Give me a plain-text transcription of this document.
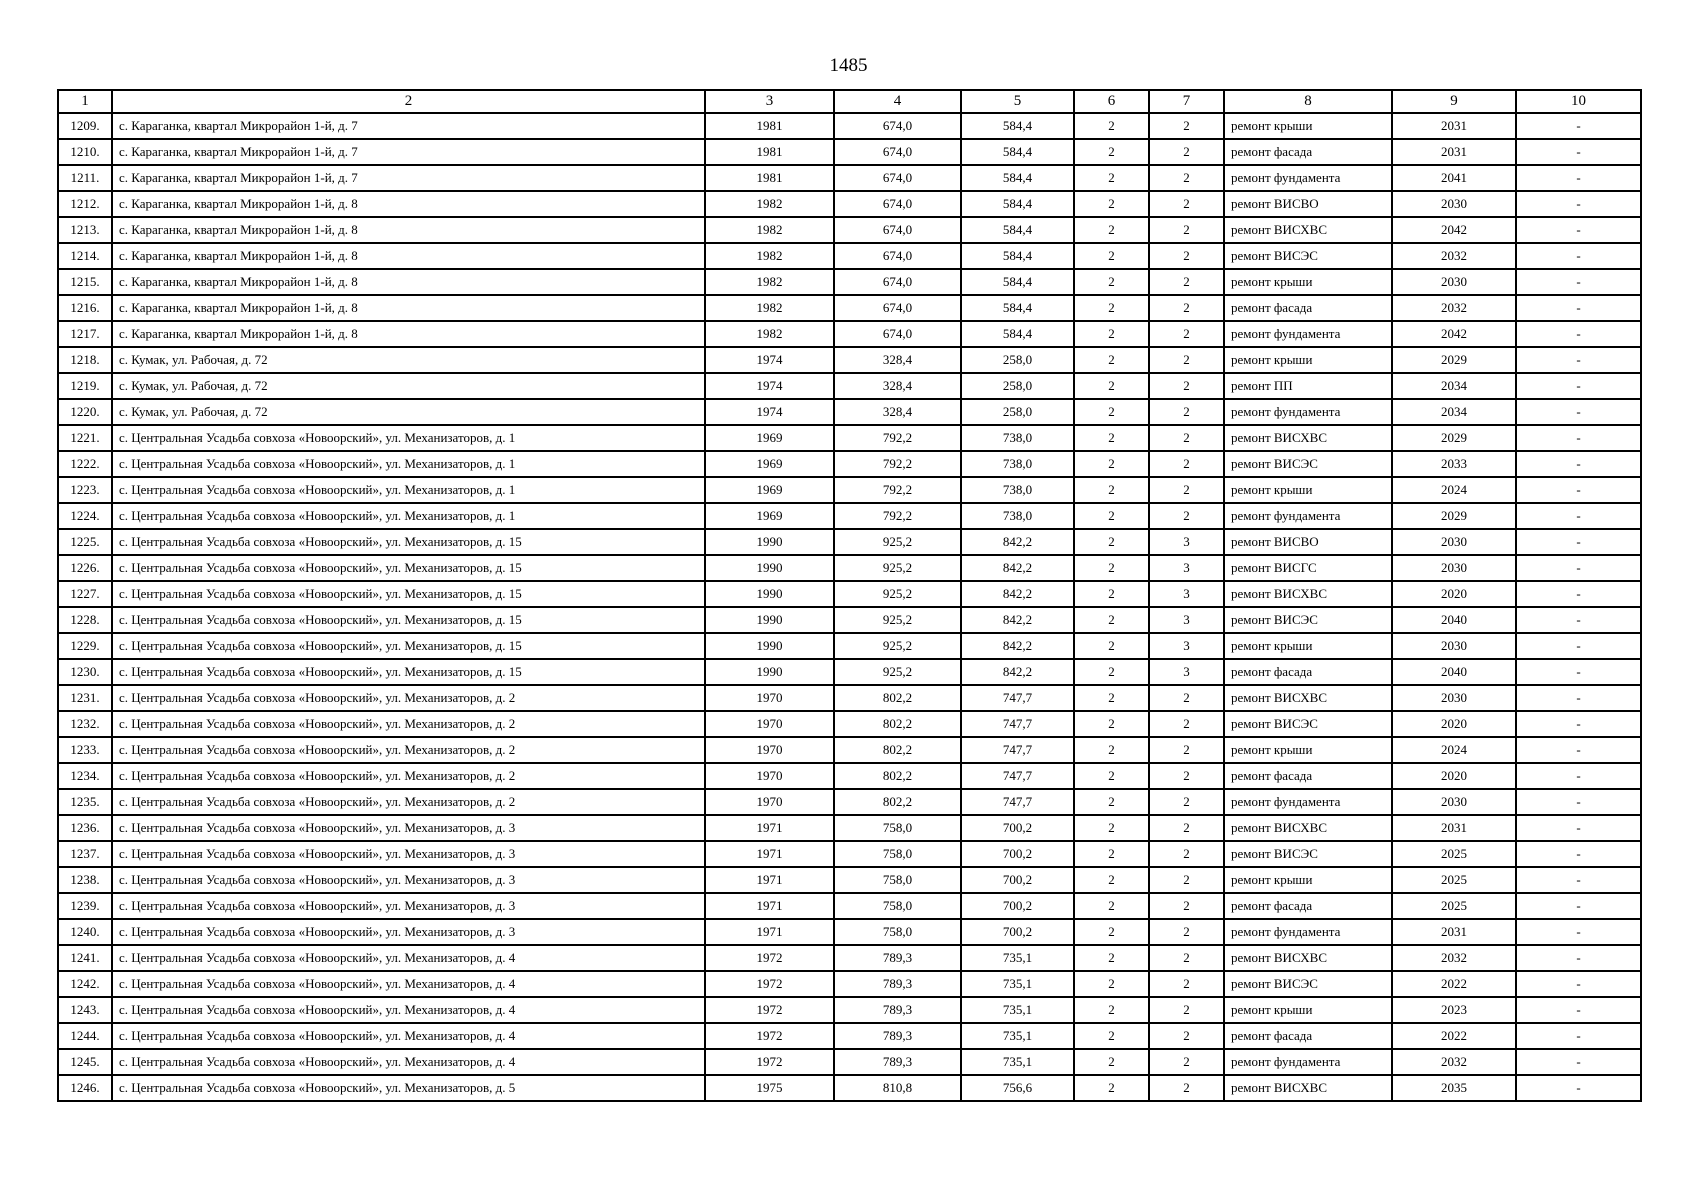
1485
1	2	3	4	5	6	7	8	9	10
1209.	с. Караганка, квартал Микрорайон 1-й, д. 7	1981	674,0	584,4	2	2	ремонт крыши	2031	-
1210.	с. Караганка, квартал Микрорайон 1-й, д. 7	1981	674,0	584,4	2	2	ремонт фасада	2031	-
1211.	с. Караганка, квартал Микрорайон 1-й, д. 7	1981	674,0	584,4	2	2	ремонт фундамента	2041	-
1212.	с. Караганка, квартал Микрорайон 1-й, д. 8	1982	674,0	584,4	2	2	ремонт ВИСВО	2030	-
1213.	с. Караганка, квартал Микрорайон 1-й, д. 8	1982	674,0	584,4	2	2	ремонт ВИСХВС	2042	-
1214.	с. Караганка, квартал Микрорайон 1-й, д. 8	1982	674,0	584,4	2	2	ремонт ВИСЭС	2032	-
1215.	с. Караганка, квартал Микрорайон 1-й, д. 8	1982	674,0	584,4	2	2	ремонт крыши	2030	-
1216.	с. Караганка, квартал Микрорайон 1-й, д. 8	1982	674,0	584,4	2	2	ремонт фасада	2032	-
1217.	с. Караганка, квартал Микрорайон 1-й, д. 8	1982	674,0	584,4	2	2	ремонт фундамента	2042	-
1218.	с. Кумак, ул. Рабочая, д. 72	1974	328,4	258,0	2	2	ремонт крыши	2029	-
1219.	с. Кумак, ул. Рабочая, д. 72	1974	328,4	258,0	2	2	ремонт ПП	2034	-
1220.	с. Кумак, ул. Рабочая, д. 72	1974	328,4	258,0	2	2	ремонт фундамента	2034	-
1221.	с. Центральная Усадьба совхоза «Новоорский», ул. Механизаторов, д. 1	1969	792,2	738,0	2	2	ремонт ВИСХВС	2029	-
1222.	с. Центральная Усадьба совхоза «Новоорский», ул. Механизаторов, д. 1	1969	792,2	738,0	2	2	ремонт ВИСЭС	2033	-
1223.	с. Центральная Усадьба совхоза «Новоорский», ул. Механизаторов, д. 1	1969	792,2	738,0	2	2	ремонт крыши	2024	-
1224.	с. Центральная Усадьба совхоза «Новоорский», ул. Механизаторов, д. 1	1969	792,2	738,0	2	2	ремонт фундамента	2029	-
1225.	с. Центральная Усадьба совхоза «Новоорский», ул. Механизаторов, д. 15	1990	925,2	842,2	2	3	ремонт ВИСВО	2030	-
1226.	с. Центральная Усадьба совхоза «Новоорский», ул. Механизаторов, д. 15	1990	925,2	842,2	2	3	ремонт ВИСГС	2030	-
1227.	с. Центральная Усадьба совхоза «Новоорский», ул. Механизаторов, д. 15	1990	925,2	842,2	2	3	ремонт ВИСХВС	2020	-
1228.	с. Центральная Усадьба совхоза «Новоорский», ул. Механизаторов, д. 15	1990	925,2	842,2	2	3	ремонт ВИСЭС	2040	-
1229.	с. Центральная Усадьба совхоза «Новоорский», ул. Механизаторов, д. 15	1990	925,2	842,2	2	3	ремонт крыши	2030	-
1230.	с. Центральная Усадьба совхоза «Новоорский», ул. Механизаторов, д. 15	1990	925,2	842,2	2	3	ремонт фасада	2040	-
1231.	с. Центральная Усадьба совхоза «Новоорский», ул. Механизаторов, д. 2	1970	802,2	747,7	2	2	ремонт ВИСХВС	2030	-
1232.	с. Центральная Усадьба совхоза «Новоорский», ул. Механизаторов, д. 2	1970	802,2	747,7	2	2	ремонт ВИСЭС	2020	-
1233.	с. Центральная Усадьба совхоза «Новоорский», ул. Механизаторов, д. 2	1970	802,2	747,7	2	2	ремонт крыши	2024	-
1234.	с. Центральная Усадьба совхоза «Новоорский», ул. Механизаторов, д. 2	1970	802,2	747,7	2	2	ремонт фасада	2020	-
1235.	с. Центральная Усадьба совхоза «Новоорский», ул. Механизаторов, д. 2	1970	802,2	747,7	2	2	ремонт фундамента	2030	-
1236.	с. Центральная Усадьба совхоза «Новоорский», ул. Механизаторов, д. 3	1971	758,0	700,2	2	2	ремонт ВИСХВС	2031	-
1237.	с. Центральная Усадьба совхоза «Новоорский», ул. Механизаторов, д. 3	1971	758,0	700,2	2	2	ремонт ВИСЭС	2025	-
1238.	с. Центральная Усадьба совхоза «Новоорский», ул. Механизаторов, д. 3	1971	758,0	700,2	2	2	ремонт крыши	2025	-
1239.	с. Центральная Усадьба совхоза «Новоорский», ул. Механизаторов, д. 3	1971	758,0	700,2	2	2	ремонт фасада	2025	-
1240.	с. Центральная Усадьба совхоза «Новоорский», ул. Механизаторов, д. 3	1971	758,0	700,2	2	2	ремонт фундамента	2031	-
1241.	с. Центральная Усадьба совхоза «Новоорский», ул. Механизаторов, д. 4	1972	789,3	735,1	2	2	ремонт ВИСХВС	2032	-
1242.	с. Центральная Усадьба совхоза «Новоорский», ул. Механизаторов, д. 4	1972	789,3	735,1	2	2	ремонт ВИСЭС	2022	-
1243.	с. Центральная Усадьба совхоза «Новоорский», ул. Механизаторов, д. 4	1972	789,3	735,1	2	2	ремонт крыши	2023	-
1244.	с. Центральная Усадьба совхоза «Новоорский», ул. Механизаторов, д. 4	1972	789,3	735,1	2	2	ремонт фасада	2022	-
1245.	с. Центральная Усадьба совхоза «Новоорский», ул. Механизаторов, д. 4	1972	789,3	735,1	2	2	ремонт фундамента	2032	-
1246.	с. Центральная Усадьба совхоза «Новоорский», ул. Механизаторов, д. 5	1975	810,8	756,6	2	2	ремонт ВИСХВС	2035	-
